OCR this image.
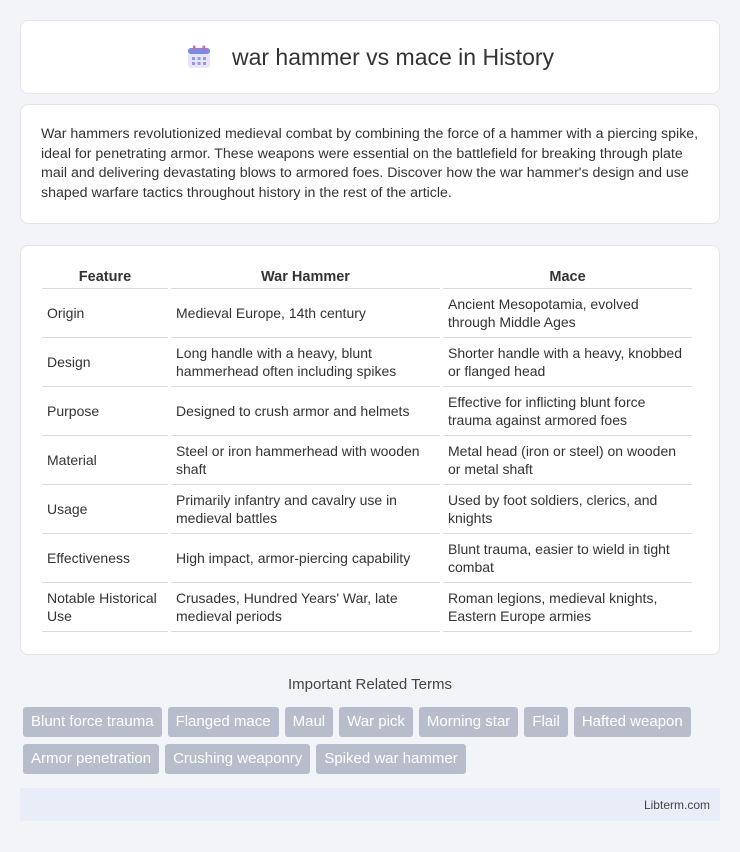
war hammer vs mace in History

War hammers revolutionized medieval combat by combining the force of a hammer with a piercing spike, ideal for penetrating armor. These weapons were essential on the battlefield for breaking through plate mail and delivering devastating blows to armored foes. Discover how the war hammer's design and use shaped warfare tactics throughout history in the rest of the article.

Feature	War Hammer	Mace
Origin	Medieval Europe, 14th century	Ancient Mesopotamia, evolved through Middle Ages
Design	Long handle with a heavy, blunt hammerhead often including spikes	Shorter handle with a heavy, knobbed or flanged head
Purpose	Designed to crush armor and helmets	Effective for inflicting blunt force trauma against armored foes
Material	Steel or iron hammerhead with wooden shaft	Metal head (iron or steel) on wooden or metal shaft
Usage	Primarily infantry and cavalry use in medieval battles	Used by foot soldiers, clerics, and knights
Effectiveness	High impact, armor-piercing capability	Blunt trauma, easier to wield in tight combat
Notable Historical Use	Crusades, Hundred Years' War, late medieval periods	Roman legions, medieval knights, Eastern Europe armies
Important Related Terms
Blunt force trauma	Flanged mace	Maul	War pick	Morning star	Flail	Hafted weapon
Armor penetration	Crushing weaponry	Spiked war hammer
Libterm.com
